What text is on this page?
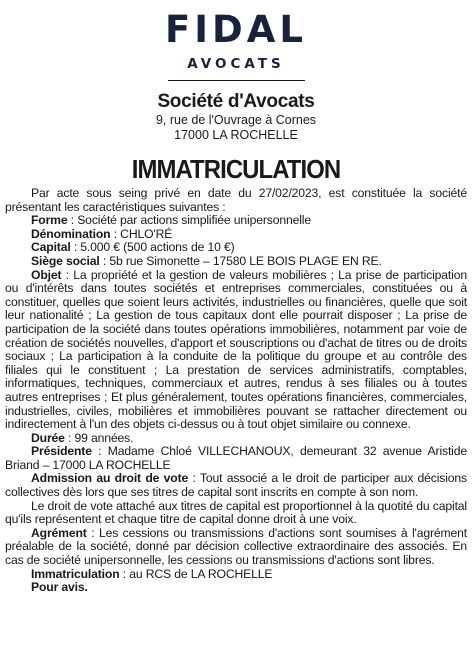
FIDAL
AVOCATS
Société d'Avocats
9, rue de l'Ouvrage à Cornes
17000 LA ROCHELLE
IMMATRICULATION

Par acte sous seing privé en date du 27/02/2023, est constituée la société présentant les caractéristiques suivantes :

Forme : Société par actions simplifiée unipersonnelle

Dénomination : CHLO'RÉ

Capital : 5.000 € (500 actions de 10 €)

Siège social : 5b rue Simonette – 17580 LE BOIS PLAGE EN RE.

Objet : La propriété et la gestion de valeurs mobilières ; La prise de participation ou d'intérêts dans toutes sociétés et entreprises commerciales, constituées ou à constituer, quelles que soient leurs activités, industrielles ou financières, quelle que soit leur nationalité ; La gestion de tous capitaux dont elle pourrait disposer ; La prise de participation de la société dans toutes opérations immobilières, notamment par voie de création de sociétés nouvelles, d'apport et souscriptions ou d'achat de titres ou de droits sociaux ; La participation à la conduite de la politique du groupe et au contrôle des filiales qui le constituent ; La prestation de services administratifs, comptables, informatiques, techniques, commerciaux et autres, rendus à ses filiales ou à toutes autres entreprises ; Et plus généralement, toutes opérations financières, commerciales, industrielles, civiles, mobilières et immobilières pouvant se rattacher directement ou indirectement à l'un des objets ci-dessus ou à tout objet similaire ou connexe.

Durée : 99 années.

Présidente : Madame Chloé VILLECHANOUX, demeurant 32 avenue Aristide Briand – 17000 LA ROCHELLE

Admission au droit de vote : Tout associé a le droit de participer aux décisions collectives dès lors que ses titres de capital sont inscrits en compte à son nom.

Le droit de vote attaché aux titres de capital est proportionnel à la quotité du capital qu'ils représentent et chaque titre de capital donne droit à une voix.

Agrément : Les cessions ou transmissions d'actions sont soumises à l'agrément préalable de la société, donné par décision collective extraordinaire des associés. En cas de société unipersonnelle, les cessions ou transmissions d'actions sont libres.

Immatriculation : au RCS de LA ROCHELLE

Pour avis.
